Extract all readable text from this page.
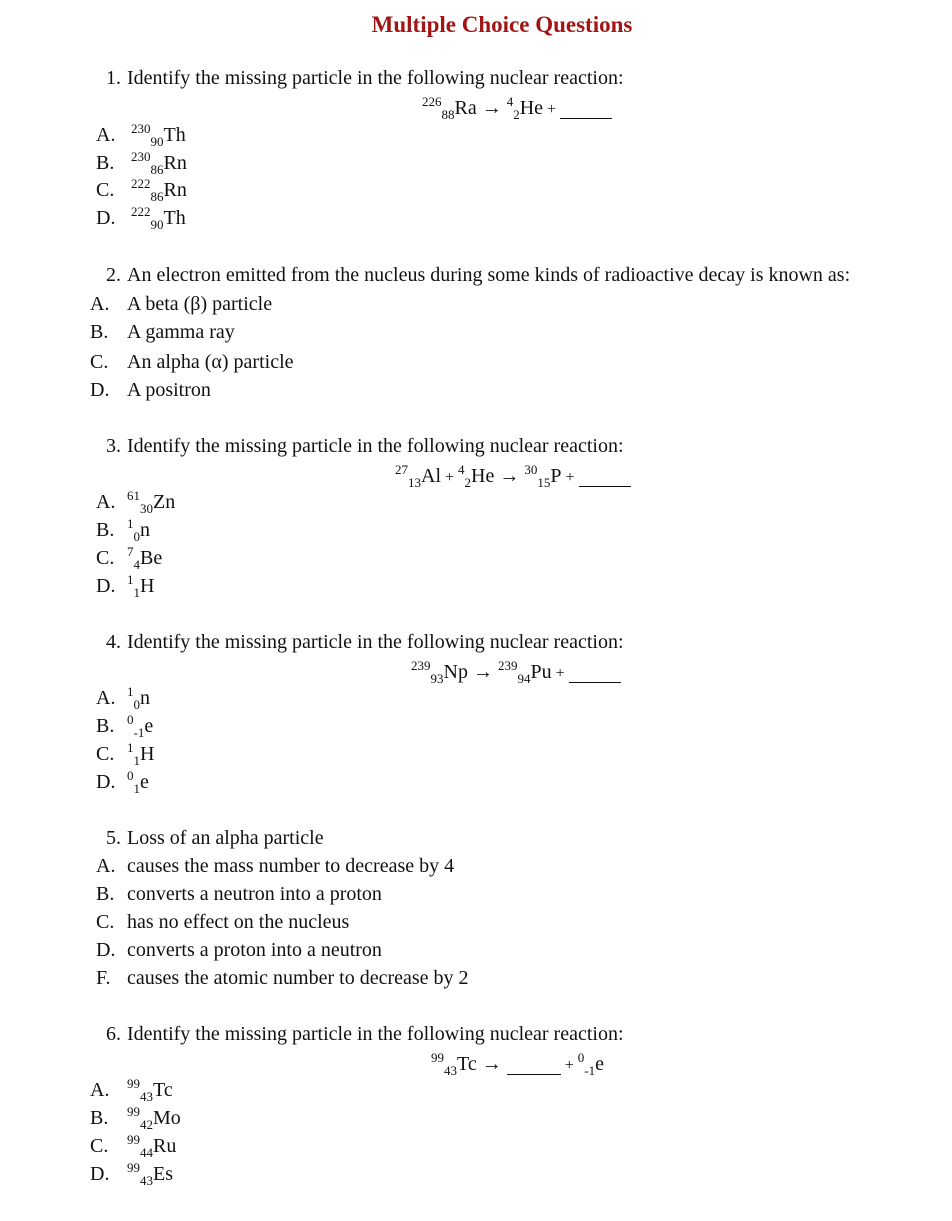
Multiple Choice Questions
1. Identify the missing particle in the following nuclear reaction:
$^{226}_{88}$Ra → $^4_2$He +
A. $^{230}_{90}$Th
B. $^{230}_{86}$Rn
C. $^{222}_{86}$Rn
D. $^{222}_{90}$Th
2. An electron emitted from the nucleus during some kinds of radioactive decay is known as:
A. A beta (β) particle
B. A gamma ray
C. An alpha (α) particle
D. A positron
3. Identify the missing particle in the following nuclear reaction:
$^{27}_{13}$Al + $^4_2$He → $^{30}_{15}$P +
A. $^{61}_{30}$Zn
B. $^1_0$n
C. $^7_4$Be
D. $^1_1$H
4. Identify the missing particle in the following nuclear reaction:
$^{239}_{93}$Np → $^{239}_{94}$Pu +
A. $^1_0$n
B. $^0_{-1}$e
C. $^1_1$H
D. $^0_1$e
5. Loss of an alpha particle
A. causes the mass number to decrease by 4
B. converts a neutron into a proton
C. has no effect on the nucleus
D. converts a proton into a neutron
F. causes the atomic number to decrease by 2
6. Identify the missing particle in the following nuclear reaction:
$^{99}_{43}$Tc →	+ $^0_{-1}$e
A. $^{99}_{43}$Tc
B. $^{99}_{42}$Mo
C. $^{99}_{44}$Ru
D. $^{99}_{43}$Es
